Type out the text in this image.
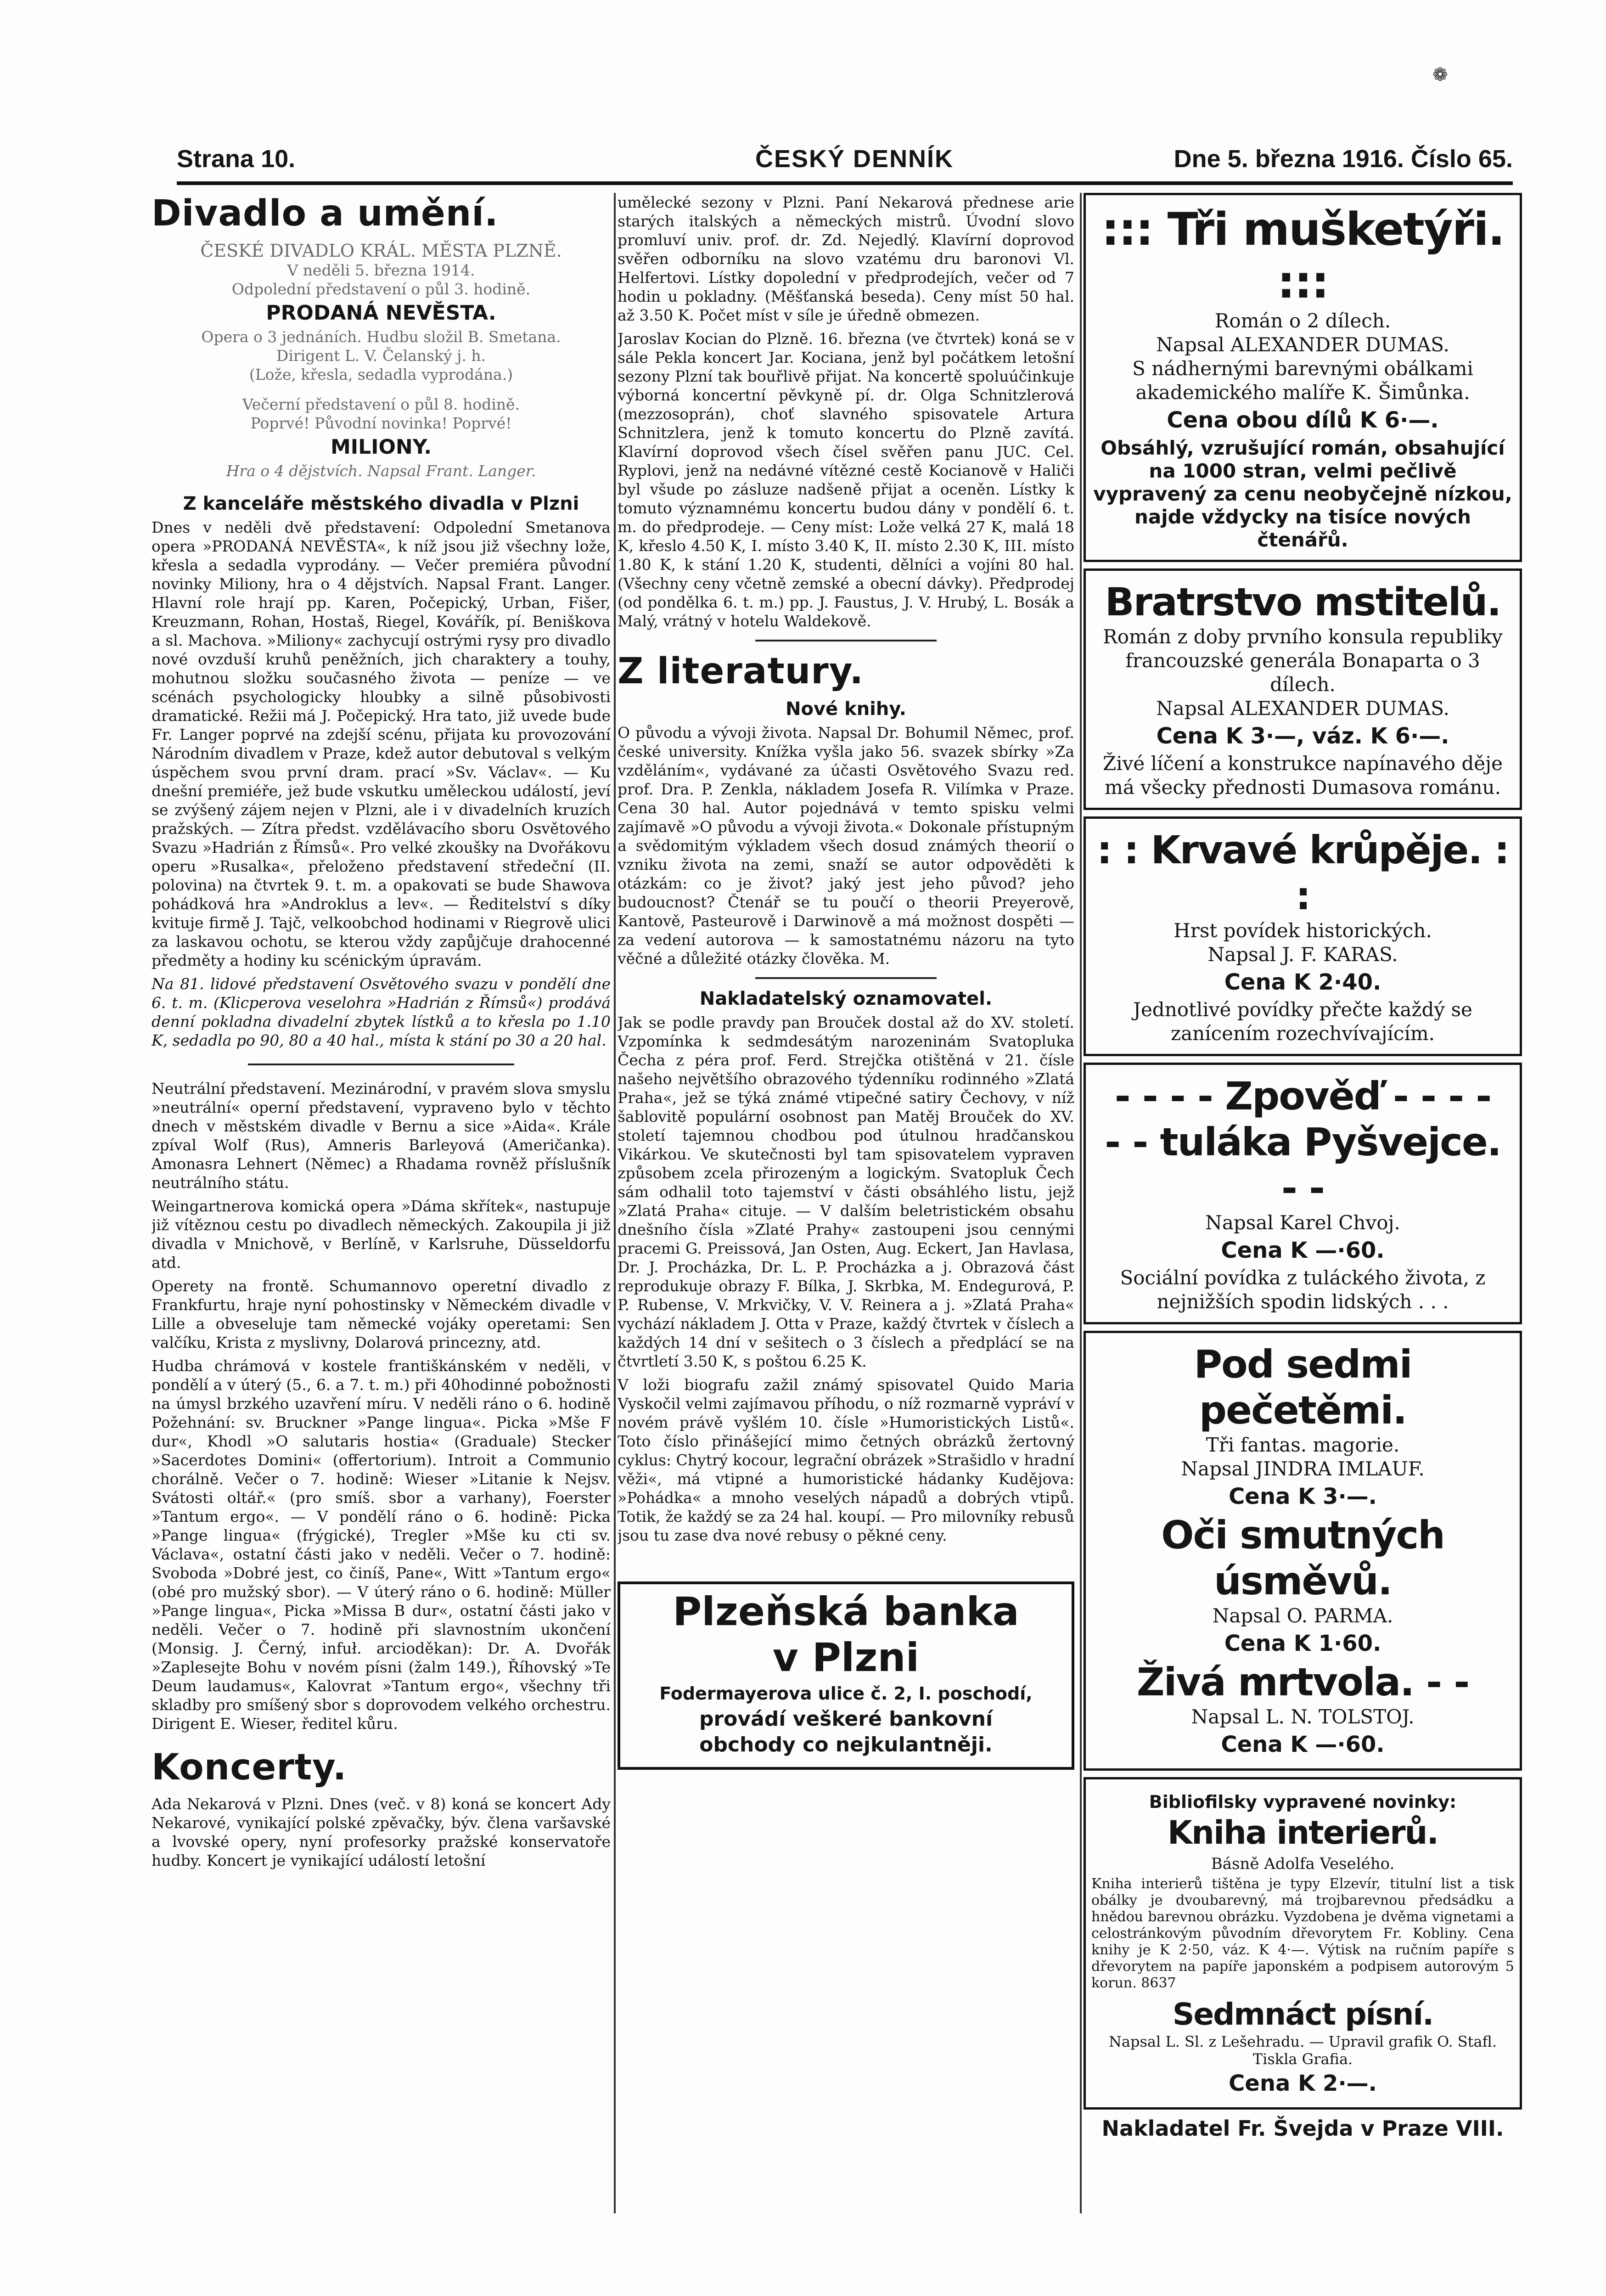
❁
Strana 10.	ČESKÝ DENNÍK	Dne 5. března 1916. Číslo 65.
Divadlo a umění.

ČESKÉ DIVADLO KRÁL. MĚSTA PLZNĚ.

V neděli 5. března 1914.

Odpolední představení o půl 3. hodině.

PRODANÁ NEVĚSTA.

Opera o 3 jednáních. Hudbu složil B. Smetana.

Dirigent L. V. Čelanský j. h.

(Lože, křesla, sedadla vyprodána.)

Večerní představení o půl 8. hodině.

Poprvé! Původní novinka! Poprvé!

MILIONY.

Hra o 4 dějstvích. Napsal Frant. Langer.

Z kanceláře městského divadla v Plzni

Dnes v neděli dvě představení: Odpolední Smetanova opera »PRODANÁ NEVĚSTA«, k níž jsou již všechny lože, křesla a sedadla vyprodány. — Večer premiéra původní novinky Miliony, hra o 4 dějstvích. Napsal Frant. Langer. Hlavní role hrají pp. Karen, Počepický, Urban, Fišer, Kreuzmann, Rohan, Hostaš, Riegel, Kovářík, pí. Beniškova a sl. Machova. »Miliony« zachycují ostrými rysy pro divadlo nové ovzduší kruhů peněžních, jich charaktery a touhy, mohutnou složku současného života — peníze — ve scénách psychologicky hloubky a silně působivosti dramatické. Režii má J. Počepický. Hra tato, již uvede bude Fr. Langer poprvé na zdejší scénu, přijata ku provozování Národním divadlem v Praze, kdež autor debutoval s velkým úspěchem svou první dram. prací »Sv. Václav«. — Ku dnešní premiéře, jež bude vskutku uměleckou událostí, jeví se zvýšený zájem nejen v Plzni, ale i v divadelních kruzích pražských. — Zítra předst. vzdělávacího sboru Osvětového Svazu »Hadrián z Římsů«. Pro velké zkoušky na Dvořákovu operu »Rusalka«, přeloženo představení středeční (II. polovina) na čtvrtek 9. t. m. a opakovati se bude Shawova pohádková hra »Androklus a lev«. — Ředitelství s díky kvituje firmě J. Tajč, velkoobchod hodinami v Riegrově ulici za laskavou ochotu, se kterou vždy zapůjčuje drahocenné předměty a hodiny ku scénickým úpravám.

Na 81. lidové představení Osvětového svazu v pondělí dne 6. t. m. (Klicperova veselohra »Hadrián z Římsů«) prodává denní pokladna divadelní zbytek lístků a to křesla po 1.10 K, sedadla po 90, 80 a 40 hal., místa k stání po 30 a 20 hal.

Neutrální představení. Mezinárodní, v pravém slova smyslu »neutrální« operní představení, vypraveno bylo v těchto dnech v městském divadle v Bernu a sice »Aida«. Krále zpíval Wolf (Rus), Amneris Barleyová (Američanka). Amonasra Lehnert (Němec) a Rhadama rovněž příslušník neutrálního státu.

Weingartnerova komická opera »Dáma skřítek«, nastupuje již vítěznou cestu po divadlech německých. Zakoupila ji již divadla v Mnichově, v Berlíně, v Karlsruhe, Düsseldorfu atd.

Operety na frontě. Schumannovo operetní divadlo z Frankfurtu, hraje nyní pohostinsky v Německém divadle v Lille a obveseluje tam německé vojáky operetami: Sen valčíku, Krista z myslivny, Dolarová princezny, atd.

Hudba chrámová v kostele františkánském v neděli, v pondělí a v úterý (5., 6. a 7. t. m.) při 40hodinné pobožnosti na úmysl brzkého uzavření míru. V neděli ráno o 6. hodině Požehnání: sv. Bruckner »Pange lingua«. Picka »Mše F dur«, Khodl »O salutaris hostia« (Graduale) Stecker »Sacerdotes Domini« (offertorium). Introit a Communio chorálně. Večer o 7. hodině: Wieser »Litanie k Nejsv. Svátosti oltář.« (pro smíš. sbor a varhany), Foerster »Tantum ergo«. — V pondělí ráno o 6. hodině: Picka »Pange lingua« (frýgické), Tregler »Mše ku cti sv. Václava«, ostatní části jako v neděli. Večer o 7. hodině: Svoboda »Dobré jest, co činíš, Pane«, Witt »Tantum ergo« (obé pro mužský sbor). — V úterý ráno o 6. hodině: Müller »Pange lingua«, Picka »Missa B dur«, ostatní části jako v neděli. Večer o 7. hodině při slavnostním ukončení (Monsig. J. Černý, infuł. arcioděkan): Dr. A. Dvořák »Zaplesejte Bohu v novém písni (žalm 149.), Říhovský »Te Deum laudamus«, Kalovrat »Tantum ergo«, všechny tři skladby pro smíšený sbor s doprovodem velkého orchestru. Dirigent E. Wieser, ředitel kůru.

Koncerty.

Ada Nekarová v Plzni. Dnes (več. v 8) koná se koncert Ady Nekarové, vynikající polské zpěvačky, býv. člena varšavské a lvovské opery, nyní profesorky pražské konservatoře hudby. Koncert je vynikající událostí letošní

umělecké sezony v Plzni. Paní Nekarová přednese arie starých italských a německých mistrů. Úvodní slovo promluví univ. prof. dr. Zd. Nejedlý. Klavírní doprovod svěřen odborníku na slovo vzatému dru baronovi Vl. Helfertovi. Lístky dopolední v předprodejích, večer od 7 hodin u pokladny. (Měšťanská beseda). Ceny míst 50 hal. až 3.50 K. Počet míst v síle je úředně obmezen.

Jaroslav Kocian do Plzně. 16. března (ve čtvrtek) koná se v sále Pekla koncert Jar. Kociana, jenž byl počátkem letošní sezony Plzní tak bouřlivě přijat. Na koncertě spoluúčinkuje výborná koncertní pěvkyně pí. dr. Olga Schnitzlerová (mezzosoprán), choť slavného spisovatele Artura Schnitzlera, jenž k tomuto koncertu do Plzně zavítá. Klavírní doprovod všech čísel svěřen panu JUC. Cel. Ryplovi, jenž na nedávné vítězné cestě Kocianově v Haliči byl všude po zásluze nadšeně přijat a oceněn. Lístky k tomuto významnému koncertu budou dány v pondělí 6. t. m. do předprodeje. — Ceny míst: Lože velká 27 K, malá 18 K, křeslo 4.50 K, I. místo 3.40 K, II. místo 2.30 K, III. místo 1.80 K, k stání 1.20 K, studenti, dělníci a vojíni 80 hal. (Všechny ceny včetně zemské a obecní dávky). Předprodej (od pondělka 6. t. m.) pp. J. Faustus, J. V. Hrubý, L. Bosák a Malý, vrátný v hotelu Waldekově.

Z literatury.
Nové knihy.

O původu a vývoji života. Napsal Dr. Bohumil Němec, prof. české university. Knížka vyšla jako 56. svazek sbírky »Za vzděláním«, vydávané za účasti Osvětového Svazu red. prof. Dra. P. Zenkla, nákladem Josefa R. Vilímka v Praze. Cena 30 hal. Autor pojednává v temto spisku velmi zajímavě »O původu a vývoji života.« Dokonale přístupným a svědomitým výkladem všech dosud známých theorií o vzniku života na zemi, snaží se autor odpověděti k otázkám: co je život? jaký jest jeho původ? jeho budoucnost? Čtenář se tu poučí o theorii Preyerově, Kantově, Pasteurově i Darwinově a má možnost dospěti — za vedení autorova — k samostatnému názoru na tyto věčné a důležité otázky člověka. M.

Nakladatelský oznamovatel.

Jak se podle pravdy pan Brouček dostal až do XV. století. Vzpomínka k sedmdesátým narozeninám Svatopluka Čecha z péra prof. Ferd. Strejčka otištěná v 21. čísle našeho největšího obrazového týdenníku rodinného »Zlatá Praha«, jež se týká známé vtipečné satiry Čechovy, v níž šablovitě populární osobnost pan Matěj Brouček do XV. století tajemnou chodbou pod útulnou hradčanskou Vikárkou. Ve skutečnosti byl tam spisovatelem vypraven způsobem zcela přirozeným a logickým. Svatopluk Čech sám odhalil toto tajemství v části obsáhlého listu, jejž »Zlatá Praha« cituje. — V dalším beletristickém obsahu dnešního čísla »Zlaté Prahy« zastoupeni jsou cennými pracemi G. Preissová, Jan Osten, Aug. Eckert, Jan Havlasa, Dr. J. Procházka, Dr. L. P. Procházka a j. Obrazová část reprodukuje obrazy F. Bílka, J. Skrbka, M. Endegurová, P. P. Rubense, V. Mrkvičky, V. V. Reinera a j. »Zlatá Praha« vychází nákladem J. Otta v Praze, každý čtvrtek v číslech a každých 14 dní v sešitech o 3 číslech a předplácí se na čtvrtletí 3.50 K, s poštou 6.25 K.

V loži biografu zažil známý spisovatel Quido Maria Vyskočil velmi zajímavou příhodu, o níž rozmarně vypráví v novém právě vyšlém 10. čísle »Humoristických Listů«. Toto číslo přinášející mimo četných obrázků žertovný cyklus: Chytrý kocour, legrační obrázek »Strašidlo v hradní věži«, má vtipné a humoristické hádanky Kudějova: »Pohádka« a mnoho veselých nápadů a dobrých vtipů. Totik, že každý se za 24 hal. koupí. — Pro milovníky rebusů jsou tu zase dva nové rebusy o pěkné ceny.

Plzeňská banka
v Plzni
Fodermayerova ulice č. 2, I. poschodí,
provádí veškeré bankovní
obchody co nejkulantněji.
::: Tři mušketýři. :::

Román o 2 dílech.

Napsal ALEXANDER DUMAS.

S nádhernými barevnými obálkami akademického malíře K. Šimůnka.

Cena obou dílů K 6·—.

Obsáhlý, vzrušující román, obsahující na 1000 stran, velmi pečlivě vypravený za cenu neobyčejně nízkou, najde vždycky na tisíce nových čtenářů.

Bratrstvo mstitelů.

Román z doby prvního konsula republiky francouzské generála Bonaparta o 3 dílech.

Napsal ALEXANDER DUMAS.

Cena K 3·—, váz. K 6·—.

Živé líčení a konstrukce napínavého děje má všecky přednosti Dumasova románu.

: : Krvavé krůpěje. : :

Hrst povídek historických.

Napsal J. F. KARAS.

Cena K 2·40.

Jednotlivé povídky přečte každý se zanícením rozechvívajícím.

- - - - Zpověď - - - -
- - tuláka Pyšvejce. - -

Napsal Karel Chvoj.

Cena K —·60.

Sociální povídka z tuláckého života, z nejnižších spodin lidských . . .

Pod sedmi pečetěmi.

Tři fantas. magorie.

Napsal JINDRA IMLAUF.

Cena K 3·—.

Oči smutných úsměvů.

Napsal O. PARMA.

Cena K 1·60.

Živá mrtvola. - -

Napsal L. N. TOLSTOJ.

Cena K —·60.

Bibliofilsky vypravené novinky:

Kniha interierů.

Básně Adolfa Veselého.

Kniha interierů tištěna je typy Elzevír, titulní list a tisk obálky je dvoubarevný, má trojbarevnou předsádku a hnědou barevnou obrázku. Vyzdobena je dvěma vignetami a celostránkovým původním dřevorytem Fr. Kobliny. Cena knihy je K 2·50, váz. K 4·—. Výtisk na ručním papíře s dřevorytem na papíře japonském a podpisem autorovým 5 korun. 8637

Sedmnáct písní.

Napsal L. Sl. z Lešehradu. — Upravil grafik O. Stafl. Tiskla Grafia.

Cena K 2·—.

Nakladatel Fr. Švejda v Praze VIII.
